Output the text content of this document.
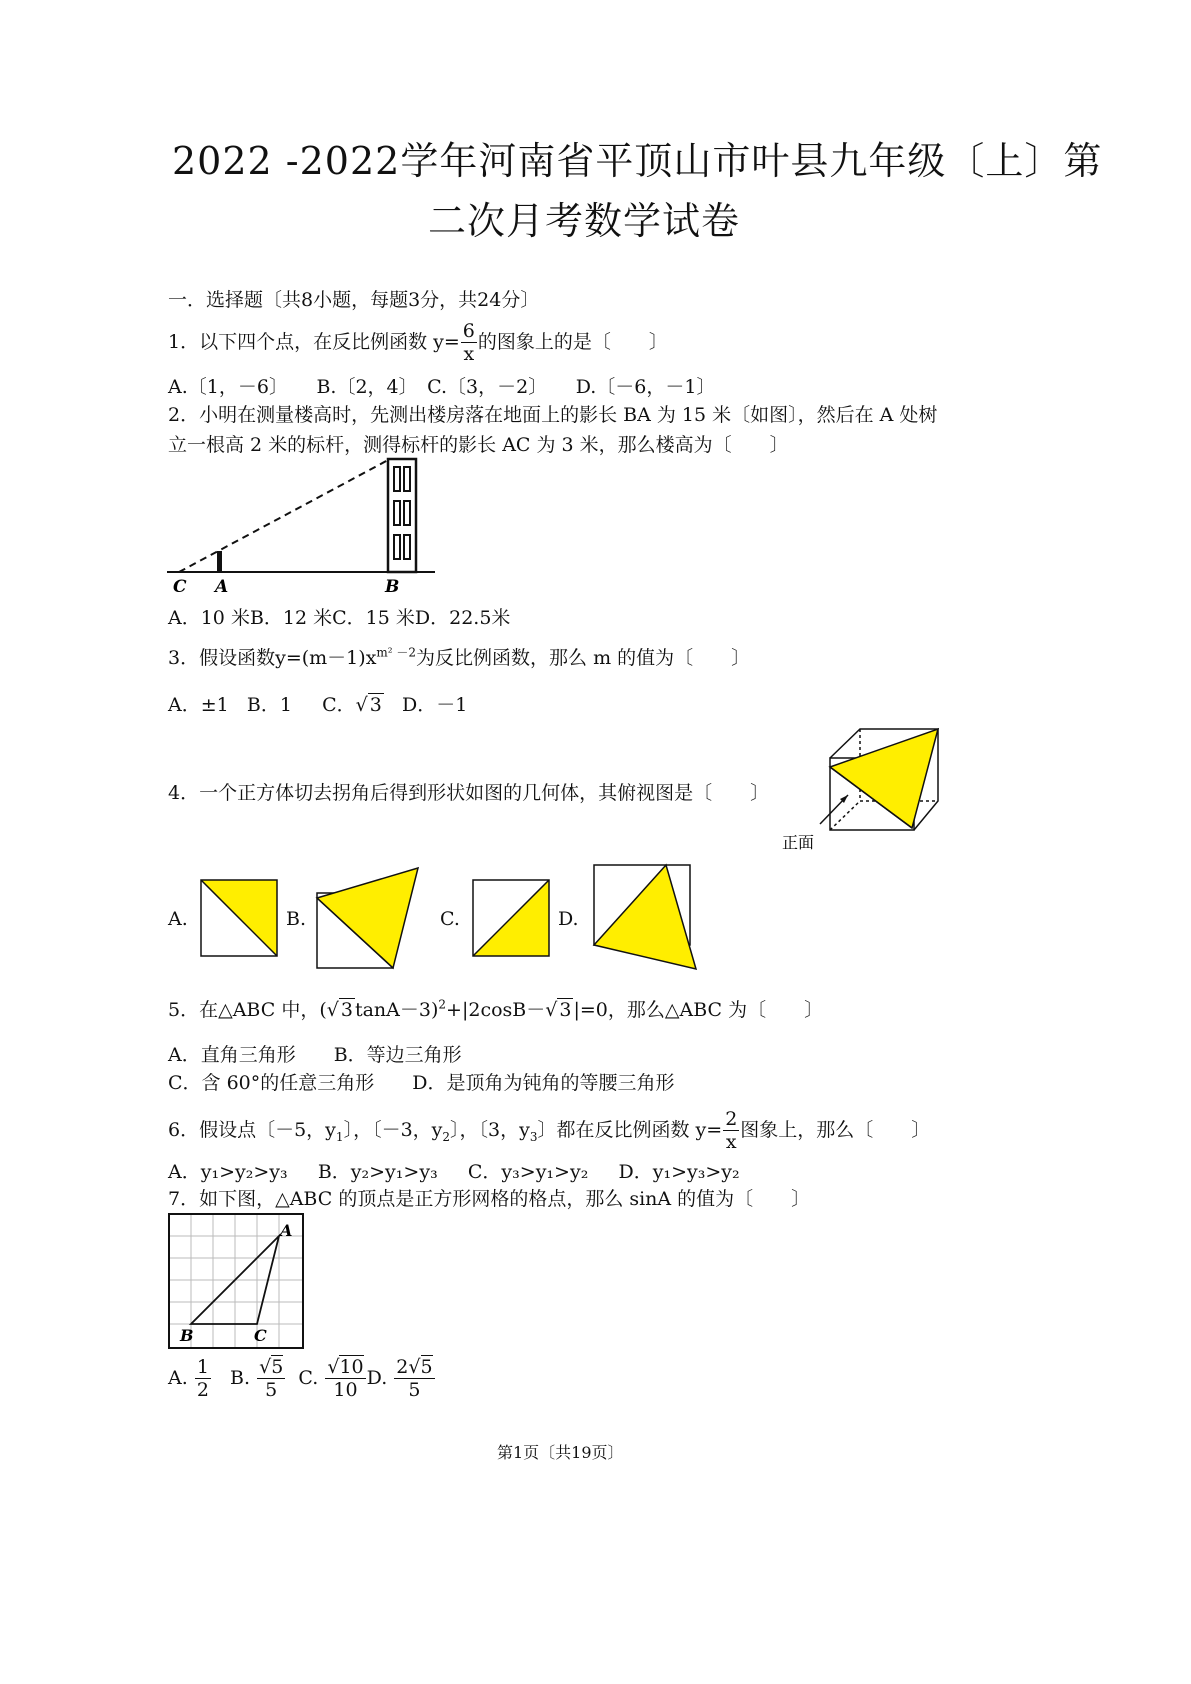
2022 -2022学年河南省平顶山市叶县九年级〔上〕第
二次月考数学试卷
一．选择题〔共8小题，每题3分，共24分〕
1．以下四个点，在反比例函数 $y= \frac{6}{x}$ 的图象上的是〔　　〕
A.〔1，－6〕　　B.〔2，4〕　C.〔3，－2〕　　D.〔－6，－1〕
2．小明在测量楼高时，先测出楼房落在地面上的影长 BA 为 15 米〔如图〕，然后在 A 处树
立一根高 2 米的标杆，测得标杆的影长 AC 为 3 米，那么楼高为〔　　〕
C A	B
A．10 米B．12 米C．15 米D．22.5米
3．假设函数$y=(m-1)x^{m^2 -2}$为反比例函数，那么 m 的值为〔　　〕
A．±1 B．1 C．√ 3 D．－1
4．一个正方体切去拐角后得到形状如图的几何体，其俯视图是〔　　〕
正面
A.	B.	C.	D.
5．在△ABC 中，(√ 3 tanA－3)$^2$+|2cosB－√ 3 |=0，那么△ABC 为〔　　〕
A．直角三角形　　B．等边三角形
C．含 60°的任意三角形　　D．是顶角为钝角的等腰三角形
6．假设点〔－5，$y_1$〕，〔－3，$y_2$〕，〔3，$y_3$〕都在反比例函数 $y= \frac{2}{x}$ 图象上，那么〔　　〕
A．y₁>y₂>y₃ B．y₂>y₁>y₃ C．y₃>y₁>y₂ D．y₁>y₃>y₂
7．如下图，△ABC 的顶点是正方形网格的格点，那么 sinA 的值为〔　　〕
A
B	C
A. $\frac{1}{2} B$. $\frac{√5}{5} C$. $\frac{√10}{10} D$. $\frac{2√5}{5}$
第1页〔共19页〕
